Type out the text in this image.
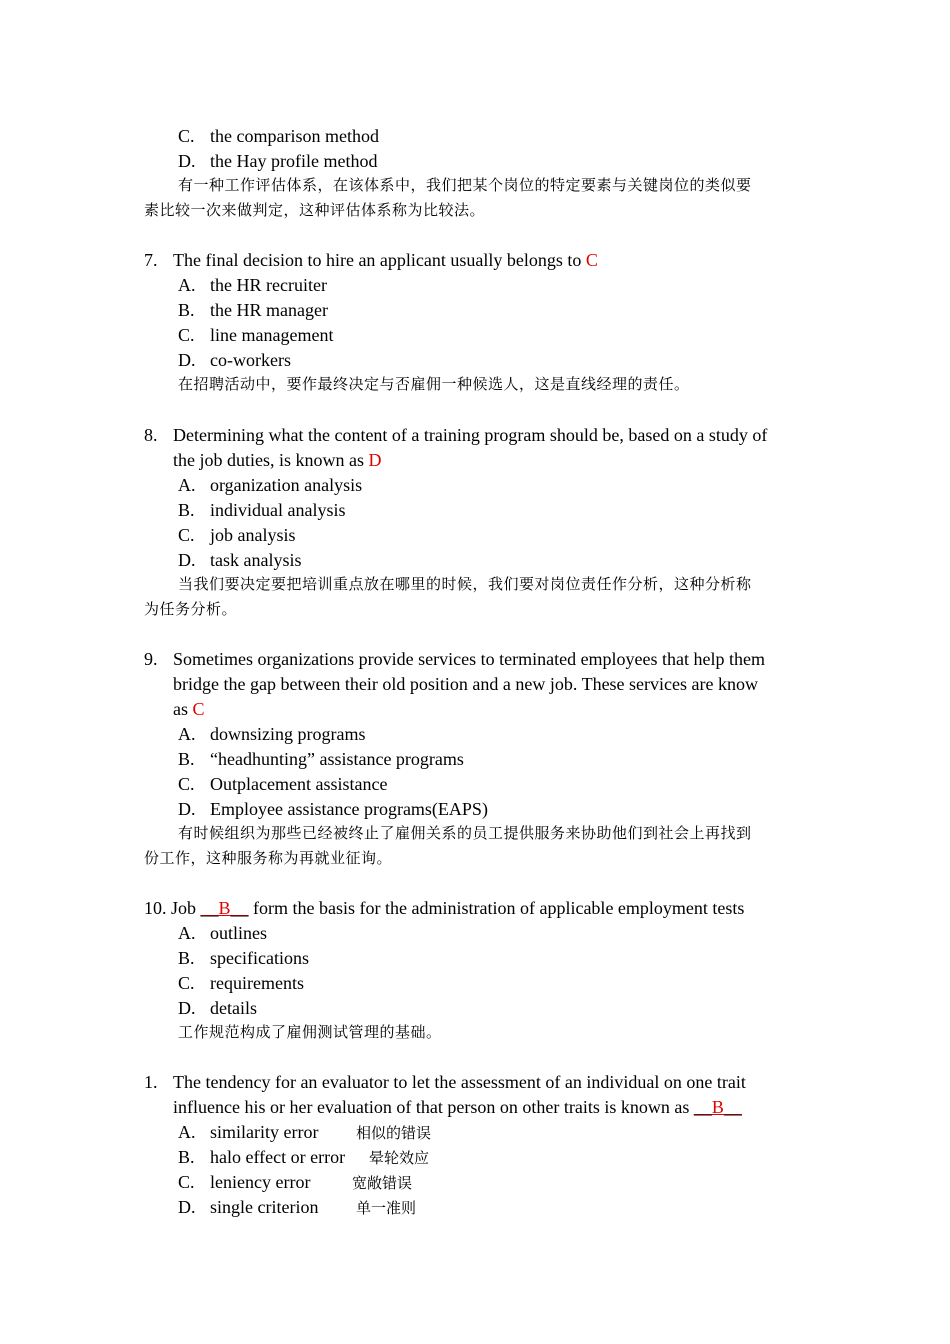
C. the comparison method
D. the Hay profile method
有一种工作评估体系，在该体系中，我们把某个岗位的特定要素与关键岗位的类似要
素比较一次来做判定，这种评估体系称为比较法。
7. The final decision to hire an applicant usually belongs to C
A. the HR recruiter
B. the HR manager
C. line management
D. co-workers
在招聘活动中，要作最终决定与否雇佣一种候选人，这是直线经理的责任。
8. Determining what the content of a training program should be, based on a study of
the job duties, is known as D
A. organization analysis
B. individual analysis
C. job analysis
D. task analysis
当我们要决定要把培训重点放在哪里的时候，我们要对岗位责任作分析，这种分析称
为任务分析。
9. Sometimes organizations provide services to terminated employees that help them
bridge the gap between their old position and a new job. These services are know
as C
A. downsizing programs
B. “headhunting” assistance programs
C. Outplacement assistance
D. Employee assistance programs(EAPS)
有时候组织为那些已经被终止了雇佣关系的员工提供服务来协助他们到社会上再找到
份工作，这种服务称为再就业征询。
10. Job __B__ form the basis for the administration of applicable employment tests
A. outlines
B. specifications
C. requirements
D. details
工作规范构成了雇佣测试管理的基础。
1. The tendency for an evaluator to let the assessment of an individual on one trait
influence his or her evaluation of that person on other traits is known as __B__
A. similarity error	相似的错误
B. halo effect or error 晕轮效应
C. leniency error	宽敞错误
D. single criterion	单一准则
